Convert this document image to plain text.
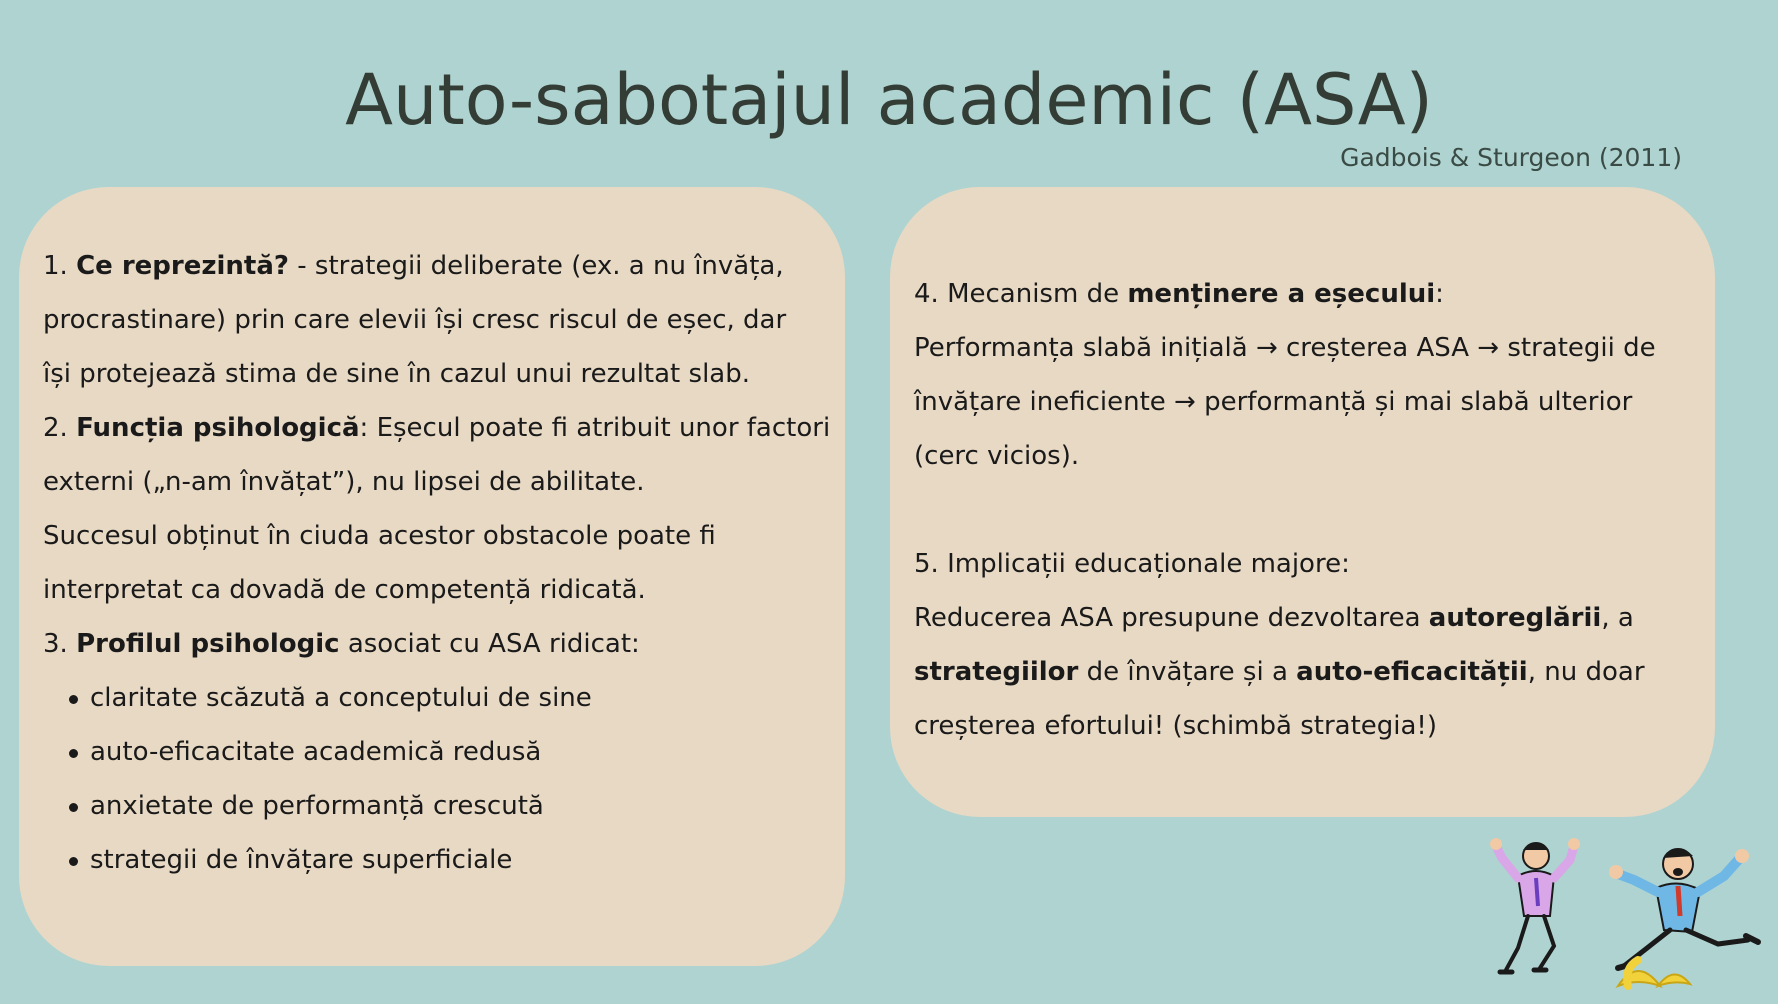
Auto-sabotajul academic (ASA)
Gadbois & Sturgeon (2011)
1. Ce reprezintă? - strategii deliberate (ex. a nu învăța,
procrastinare) prin care elevii își cresc riscul de eșec, dar
își protejează stima de sine în cazul unui rezultat slab.
2. Funcția psihologică: Eșecul poate fi atribuit unor factori
externi („n-am învățat”), nu lipsei de abilitate.
Succesul obținut în ciuda acestor obstacole poate fi
interpretat ca dovadă de competență ridicată.
3. Profilul psihologic asociat cu ASA ridicat:
claritate scăzută a conceptului de sine
auto-eficacitate academică redusă
anxietate de performanță crescută
strategii de învățare superficiale
4. Mecanism de menținere a eșecului:
Performanța slabă inițială → creșterea ASA → strategii de
învățare ineficiente → performanță și mai slabă ulterior
(cerc vicios).
5. Implicații educaționale majore:
Reducerea ASA presupune dezvoltarea autoreglării, a
strategiilor de învățare și a auto-eficacității, nu doar
creșterea efortului! (schimbă strategia!)
